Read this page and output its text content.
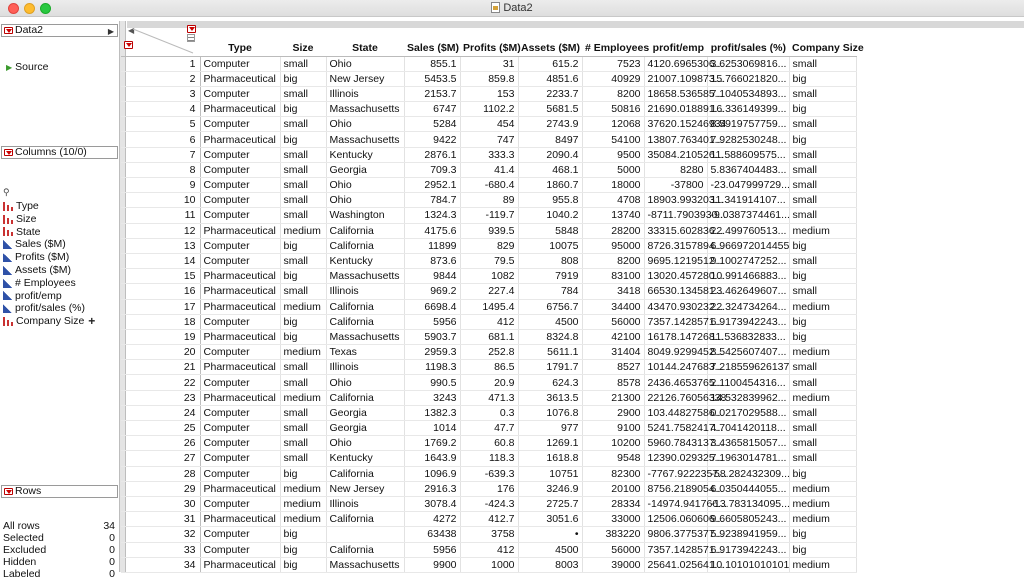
Data2
Data2	▶
▶ Source
Columns (10/0)
⚲
Type
Size
State
Sales ($M)
Profits ($M)
Assets ($M)
# Employees
profit/emp
profit/sales (%)
Company Size +
Rows
All rows	34
Selected	0
Excluded	0
Hidden	0
Labeled	0
◀
	Type	Size	State	Sales ($M)	Profits ($M)	Assets ($M)	# Employees	profit/emp	profit/sales (%)	Company Size
1	Computer	small	Ohio	855.1	31	615.2	7523	4120.6965306...	3.6253069816...	small
2	Pharmaceutical	big	New Jersey	5453.5	859.8	4851.6	40929	21007.109873...	15.766021820...	big
3	Computer	small	Illinois	2153.7	153	2233.7	8200	18658.536585...	7.1040534893...	small
4	Pharmaceutical	big	Massachusetts	6747	1102.2	5681.5	50816	21690.018891...	16.336149399...	big
5	Computer	small	Ohio	5284	454	2743.9	12068	37620.15246934	8.5919757759...	small
6	Pharmaceutical	big	Massachusetts	9422	747	8497	54100	13807.763401...	7.9282530248...	big
7	Computer	small	Kentucky	2876.1	333.3	2090.4	9500	35084.210526...	11.588609575...	small
8	Computer	small	Georgia	709.3	41.4	468.1	5000	8280	5.8367404483...	small
9	Computer	small	Ohio	2952.1	-680.4	1860.7	18000	-37800	-23.047999729...	small
10	Computer	small	Ohio	784.7	89	955.8	4708	18903.993203...	11.341914107...	small
11	Computer	small	Washington	1324.3	-119.7	1040.2	13740	-8711.7903930...	-9.0387374461...	small
12	Pharmaceutical	medium	California	4175.6	939.5	5848	28200	33315.602836...	22.499760513...	medium
13	Computer	big	California	11899	829	10075	95000	8726.3157894...	6.966972014455	big
14	Computer	small	Kentucky	873.6	79.5	808	8200	9695.1219512...	9.1002747252...	small
15	Pharmaceutical	big	Massachusetts	9844	1082	7919	83100	13020.457280...	10.991466883...	big
16	Pharmaceutical	small	Illinois	969.2	227.4	784	3418	66530.134581...	23.462649607...	small
17	Pharmaceutical	medium	California	6698.4	1495.4	6756.7	34400	43470.930232...	22.324734264...	medium
18	Computer	big	California	5956	412	4500	56000	7357.1428571...	6.9173942243...	big
19	Pharmaceutical	big	Massachusetts	5903.7	681.1	8324.8	42100	16178.147268...	11.536832833...	big
20	Computer	medium	Texas	2959.3	252.8	5611.1	31404	8049.9299452...	8.5425607407...	medium
21	Pharmaceutical	small	Illinois	1198.3	86.5	1791.7	8527	10144.247683...	7.218559626137	small
22	Computer	small	Ohio	990.5	20.9	624.3	8578	2436.4653765...	2.1100454316...	small
23	Pharmaceutical	medium	California	3243	471.3	3613.5	21300	22126.76056338	14.532839962...	medium
24	Computer	small	Georgia	1382.3	0.3	1076.8	2900	103.44827586...	0.0217029588...	small
25	Computer	small	Georgia	1014	47.7	977	9100	5241.7582417...	4.7041420118...	small
26	Computer	small	Ohio	1769.2	60.8	1269.1	10200	5960.7843137...	3.4365815057...	small
27	Computer	small	Kentucky	1643.9	118.3	1618.8	9548	12390.029325...	7.1963014781...	small
28	Computer	big	California	1096.9	-639.3	10751	82300	-7767.9222357...	-58.282432309...	big
29	Pharmaceutical	medium	New Jersey	2916.3	176	3246.9	20100	8756.2189054...	6.0350444055...	medium
30	Computer	medium	Illinois	3078.4	-424.3	2725.7	28334	-14974.941766...	-13.783134095...	medium
31	Pharmaceutical	medium	California	4272	412.7	3051.6	33000	12506.060606...	9.6605805243...	medium
32	Computer	big		63438	3758	•	383220	9806.3775377...	5.9238941959...	big
33	Computer	big	California	5956	412	4500	56000	7357.1428571...	6.9173942243...	big
34	Pharmaceutical	big	Massachusetts	9900	1000	8003	39000	25641.025641...	10.10101010101	medium
